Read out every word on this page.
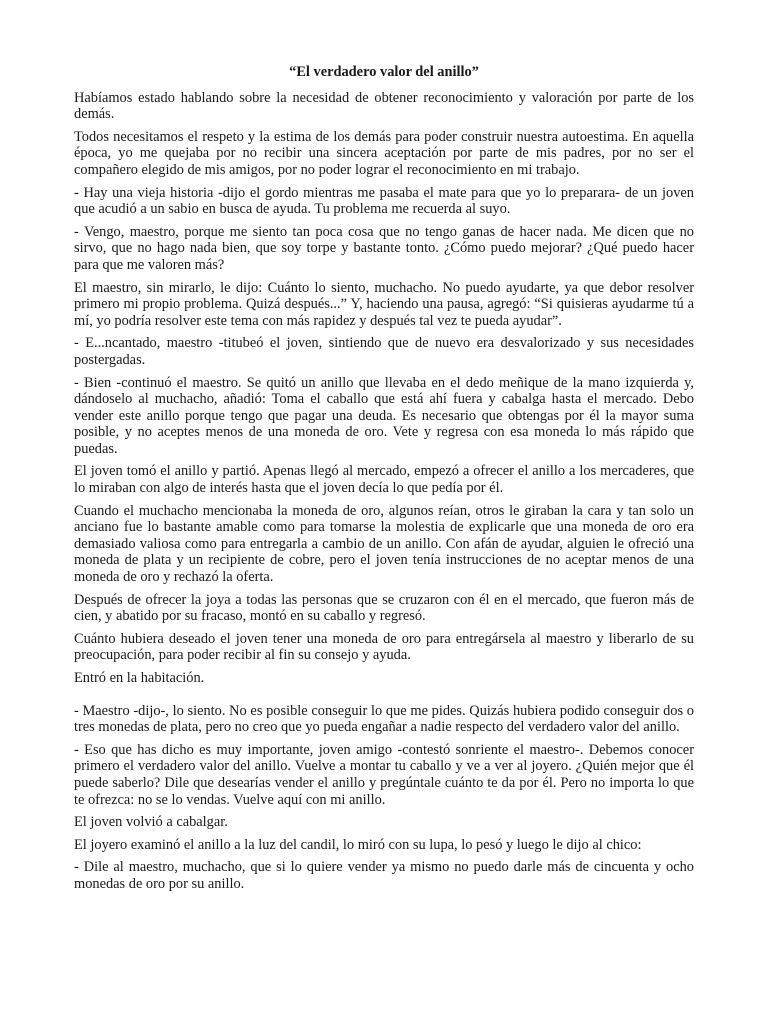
“El verdadero valor del anillo”

Habíamos estado hablando sobre la necesidad de obtener reconocimiento y valoración por parte de los demás.

Todos necesitamos el respeto y la estima de los demás para poder construir nuestra autoestima. En aquella época, yo me quejaba por no recibir una sincera aceptación por parte de mis padres, por no ser el compañero elegido de mis amigos, por no poder lograr el reconocimiento en mi trabajo.

- Hay una vieja historia -dijo el gordo mientras me pasaba el mate para que yo lo preparara- de un joven que acudió a un sabio en busca de ayuda. Tu problema me recuerda al suyo.

- Vengo, maestro, porque me siento tan poca cosa que no tengo ganas de hacer nada. Me dicen que no sirvo, que no hago nada bien, que soy torpe y bastante tonto. ¿Cómo puedo mejorar? ¿Qué puedo hacer para que me valoren más?

El maestro, sin mirarlo, le dijo: Cuánto lo siento, muchacho. No puedo ayudarte, ya que debor resolver primero mi propio problema. Quizá después...” Y, haciendo una pausa, agregó: “Si quisieras ayudarme tú a mí, yo podría resolver este tema con más rapidez y después tal vez te pueda ayudar”.

- E...ncantado, maestro -titubeó el joven, sintiendo que de nuevo era desvalorizado y sus necesidades postergadas.

- Bien -continuó el maestro. Se quitó un anillo que llevaba en el dedo meñique de la mano izquierda y, dándoselo al muchacho, añadió: Toma el caballo que está ahí fuera y cabalga hasta el mercado. Debo vender este anillo porque tengo que pagar una deuda. Es necesario que obtengas por él la mayor suma posible, y no aceptes menos de una moneda de oro. Vete y regresa con esa moneda lo más rápido que puedas.

El joven tomó el anillo y partió. Apenas llegó al mercado, empezó a ofrecer el anillo a los mercaderes, que lo miraban con algo de interés hasta que el joven decía lo que pedía por él.

Cuando el muchacho mencionaba la moneda de oro, algunos reían, otros le giraban la cara y tan solo un anciano fue lo bastante amable como para tomarse la molestia de explicarle que una moneda de oro era demasiado valiosa como para entregarla a cambio de un anillo. Con afán de ayudar, alguien le ofreció una moneda de plata y un recipiente de cobre, pero el joven tenía instrucciones de no aceptar menos de una moneda de oro y rechazó la oferta.

Después de ofrecer la joya a todas las personas que se cruzaron con él en el mercado, que fueron más de cien, y abatido por su fracaso, montó en su caballo y regresó.

Cuánto hubiera deseado el joven tener una moneda de oro para entregársela al maestro y liberarlo de su preocupación, para poder recibir al fin su consejo y ayuda.

Entró en la habitación.

- Maestro -dijo-, lo siento. No es posible conseguir lo que me pides. Quizás hubiera podido conseguir dos o tres monedas de plata, pero no creo que yo pueda engañar a nadie respecto del verdadero valor del anillo.

- Eso que has dicho es muy importante, joven amigo -contestó sonriente el maestro-. Debemos conocer primero el verdadero valor del anillo. Vuelve a montar tu caballo y ve a ver al joyero. ¿Quién mejor que él puede saberlo? Dile que desearías vender el anillo y pregúntale cuánto te da por él. Pero no importa lo que te ofrezca: no se lo vendas. Vuelve aquí con mi anillo.

El joven volvió a cabalgar.

El joyero examinó el anillo a la luz del candil, lo miró con su lupa, lo pesó y luego le dijo al chico:

- Dile al maestro, muchacho, que si lo quiere vender ya mismo no puedo darle más de cincuenta y ocho monedas de oro por su anillo.
